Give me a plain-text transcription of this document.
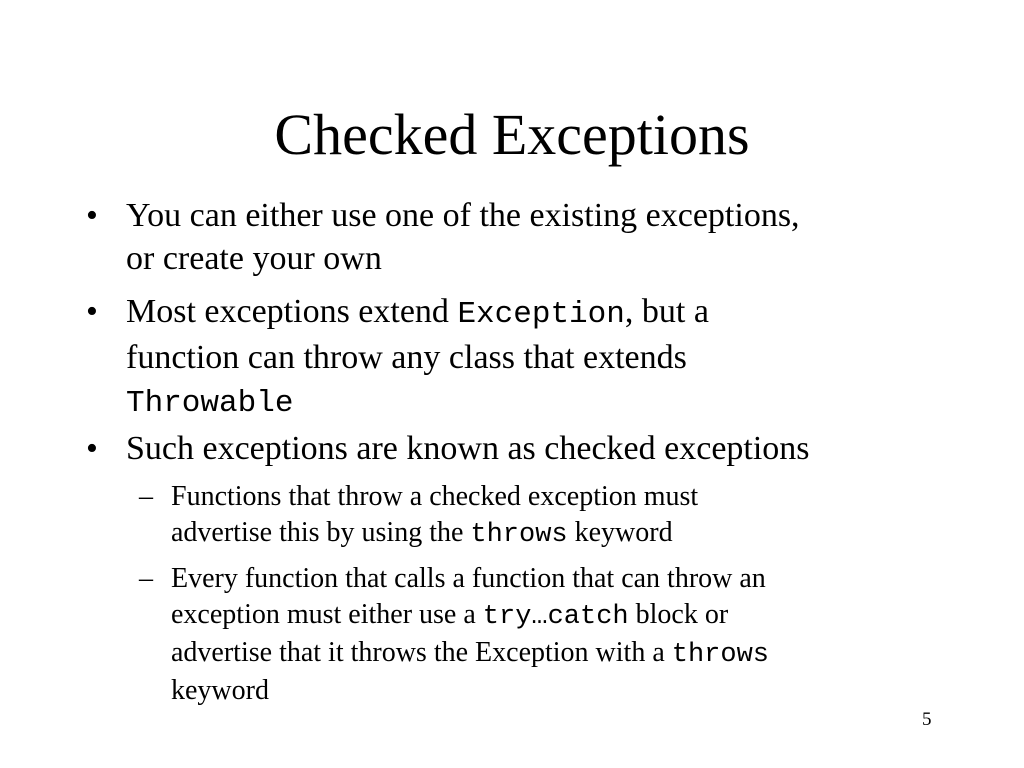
Checked Exceptions
• You can either use one of the existing exceptions,
or create your own
• Most exceptions extend Exception, but a
function can throw any class that extends
Throwable
• Such exceptions are known as checked exceptions
– Functions that throw a checked exception must
advertise this by using the throws keyword
– Every function that calls a function that can throw an
exception must either use a try…catch block or
advertise that it throws the Exception with a throws
keyword
5
